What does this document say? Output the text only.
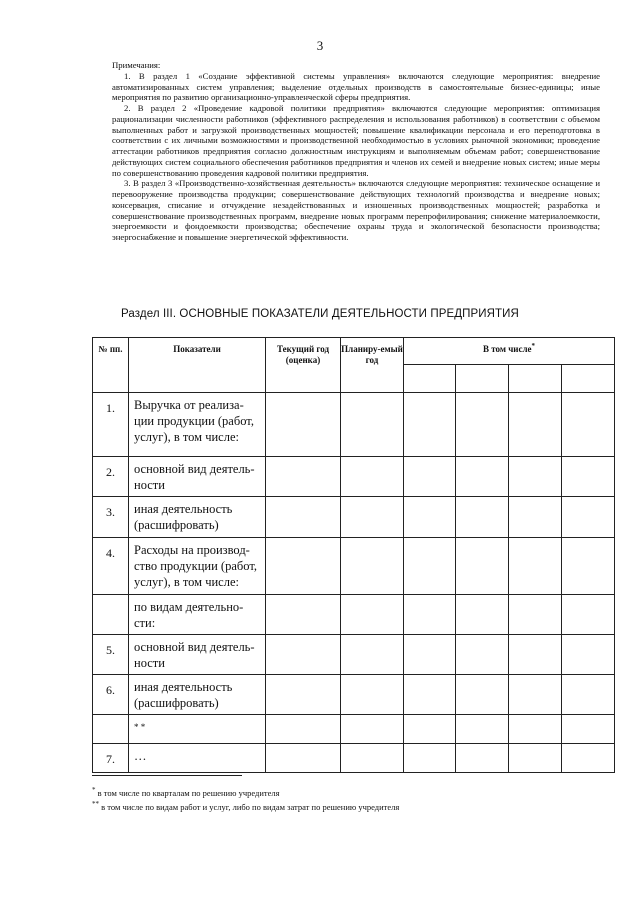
3

Примечания:

1. В раздел 1 «Создание эффективной системы управления» включаются следующие мероприятия: внедрение автоматизированных систем управления; выделение отдельных производств в самостоятельные бизнес-единицы; иные мероприятия по развитию организационно-управленческой сферы предприятия.

2. В раздел 2 «Проведение кадровой политики предприятия» включаются следующие мероприятия: оптимизация рационализации численности работников (эффективного распределения и использования работников) в соответствии с объемом выполненных работ и загрузкой производственных мощностей; повышение квалификации персонала и его переподготовка в соответствии с их личными возможностями и производственной необходимостью в условиях рыночной экономики; проведение аттестации работников предприятия согласно должностным инструкциям и выполняемым объемам работ; совершенствование действующих систем социального обеспечения работников предприятия и членов их семей и внедрение новых систем; иные меры по совершенствованию проведения кадровой политики предприятия.

3. В раздел 3 «Производственно-хозяйственная деятельность» включаются следующие мероприятия: техническое оснащение и перевооружение производства продукции; совершенствование действующих технологий производства и внедрение новых; консервация, списание и отчуждение незадействованных и изношенных производственных мощностей; разработка и совершенствование производственных программ, внедрение новых программ перепрофилирования; снижение материалоемкости, энергоемкости и фондоемкости производства; обеспечение охраны труда и экологической безопасности производства; энергоснабжение и повышение энергетической эффективности.

Раздел III. ОСНОВНЫЕ ПОКАЗАТЕЛИ ДЕЯТЕЛЬНОСТИ ПРЕДПРИЯТИЯ
№ пп.	Показатели	Текущий год (оценка)	Планиру-емый год	В том числе*

1.	Выручка от реализа-ции продукции (работ, услуг), в том числе:						
2.	основной вид деятель-ности						
3.	иная деятельность (расшифровать)						
4.	Расходы на производ-ство продукции (работ, услуг), в том числе:						
	по видам деятельно-сти:						
5.	основной вид деятель-ности						
6.	иная деятельность (расшифровать)						
	* *						
7.	…						

* в том числе по кварталам по решению учредителя

** в том числе по видам работ и услуг, либо по видам затрат по решению учредителя
